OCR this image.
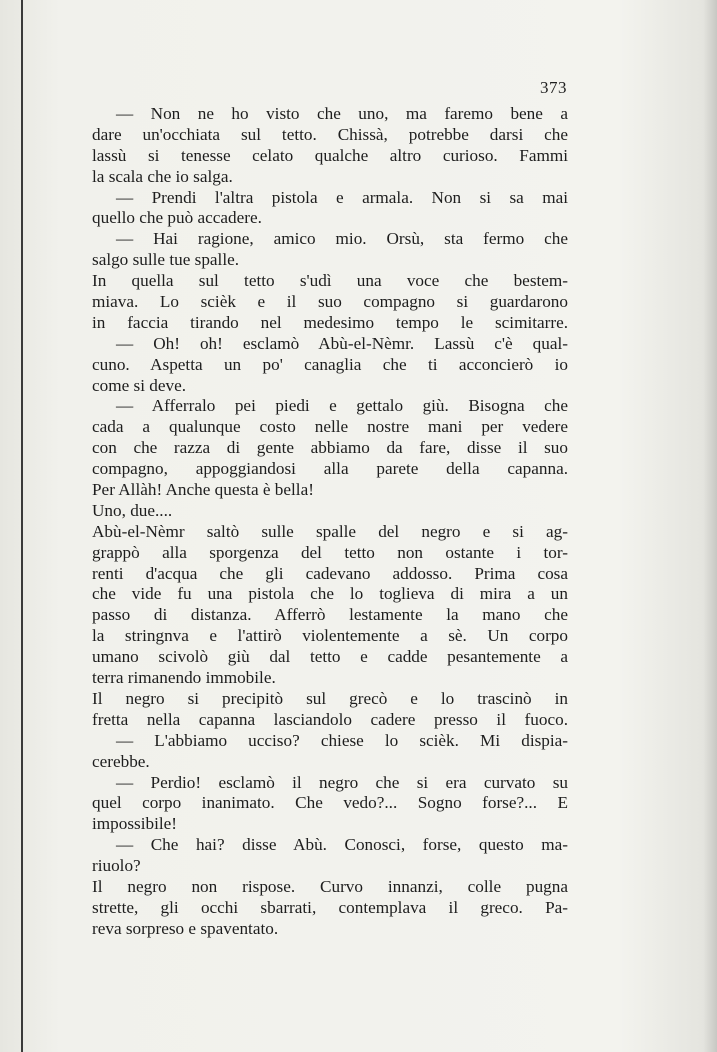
373
— Non ne ho visto che uno, ma faremo bene a
dare un'occhiata sul tetto. Chissà, potrebbe darsi che
lassù si tenesse celato qualche altro curioso. Fammi
la scala che io salga.
— Prendi l'altra pistola e armala. Non si sa mai
quello che può accadere.
— Hai ragione, amico mio. Orsù, sta fermo che
salgo sulle tue spalle.
In quella sul tetto s'udì una voce che bestem-
miava. Lo scièk e il suo compagno si guardarono
in faccia tirando nel medesimo tempo le scimitarre.
— Oh! oh! esclamò Abù-el-Nèmr. Lassù c'è qual-
cuno. Aspetta un po' canaglia che ti acconcierò io
come si deve.
— Afferralo pei piedi e gettalo giù. Bisogna che
cada a qualunque costo nelle nostre mani per vedere
con che razza di gente abbiamo da fare, disse il suo
compagno, appoggiandosi alla parete della capanna.
Per Allàh! Anche questa è bella!
Uno, due....
Abù-el-Nèmr saltò sulle spalle del negro e si ag-
grappò alla sporgenza del tetto non ostante i tor-
renti d'acqua che gli cadevano addosso. Prima cosa
che vide fu una pistola che lo toglieva di mira a un
passo di distanza. Afferrò lestamente la mano che
la stringnva e l'attirò violentemente a sè. Un corpo
umano scivolò giù dal tetto e cadde pesantemente a
terra rimanendo immobile.
Il negro si precipitò sul grecò e lo trascinò in
fretta nella capanna lasciandolo cadere presso il fuoco.
— L'abbiamo ucciso? chiese lo scièk. Mi dispia-
cerebbe.
— Perdio! esclamò il negro che si era curvato su
quel corpo inanimato. Che vedo?... Sogno forse?... E
impossibile!
— Che hai? disse Abù. Conosci, forse, questo ma-
riuolo?
Il negro non rispose. Curvo innanzi, colle pugna
strette, gli occhi sbarrati, contemplava il greco. Pa-
reva sorpreso e spaventato.
